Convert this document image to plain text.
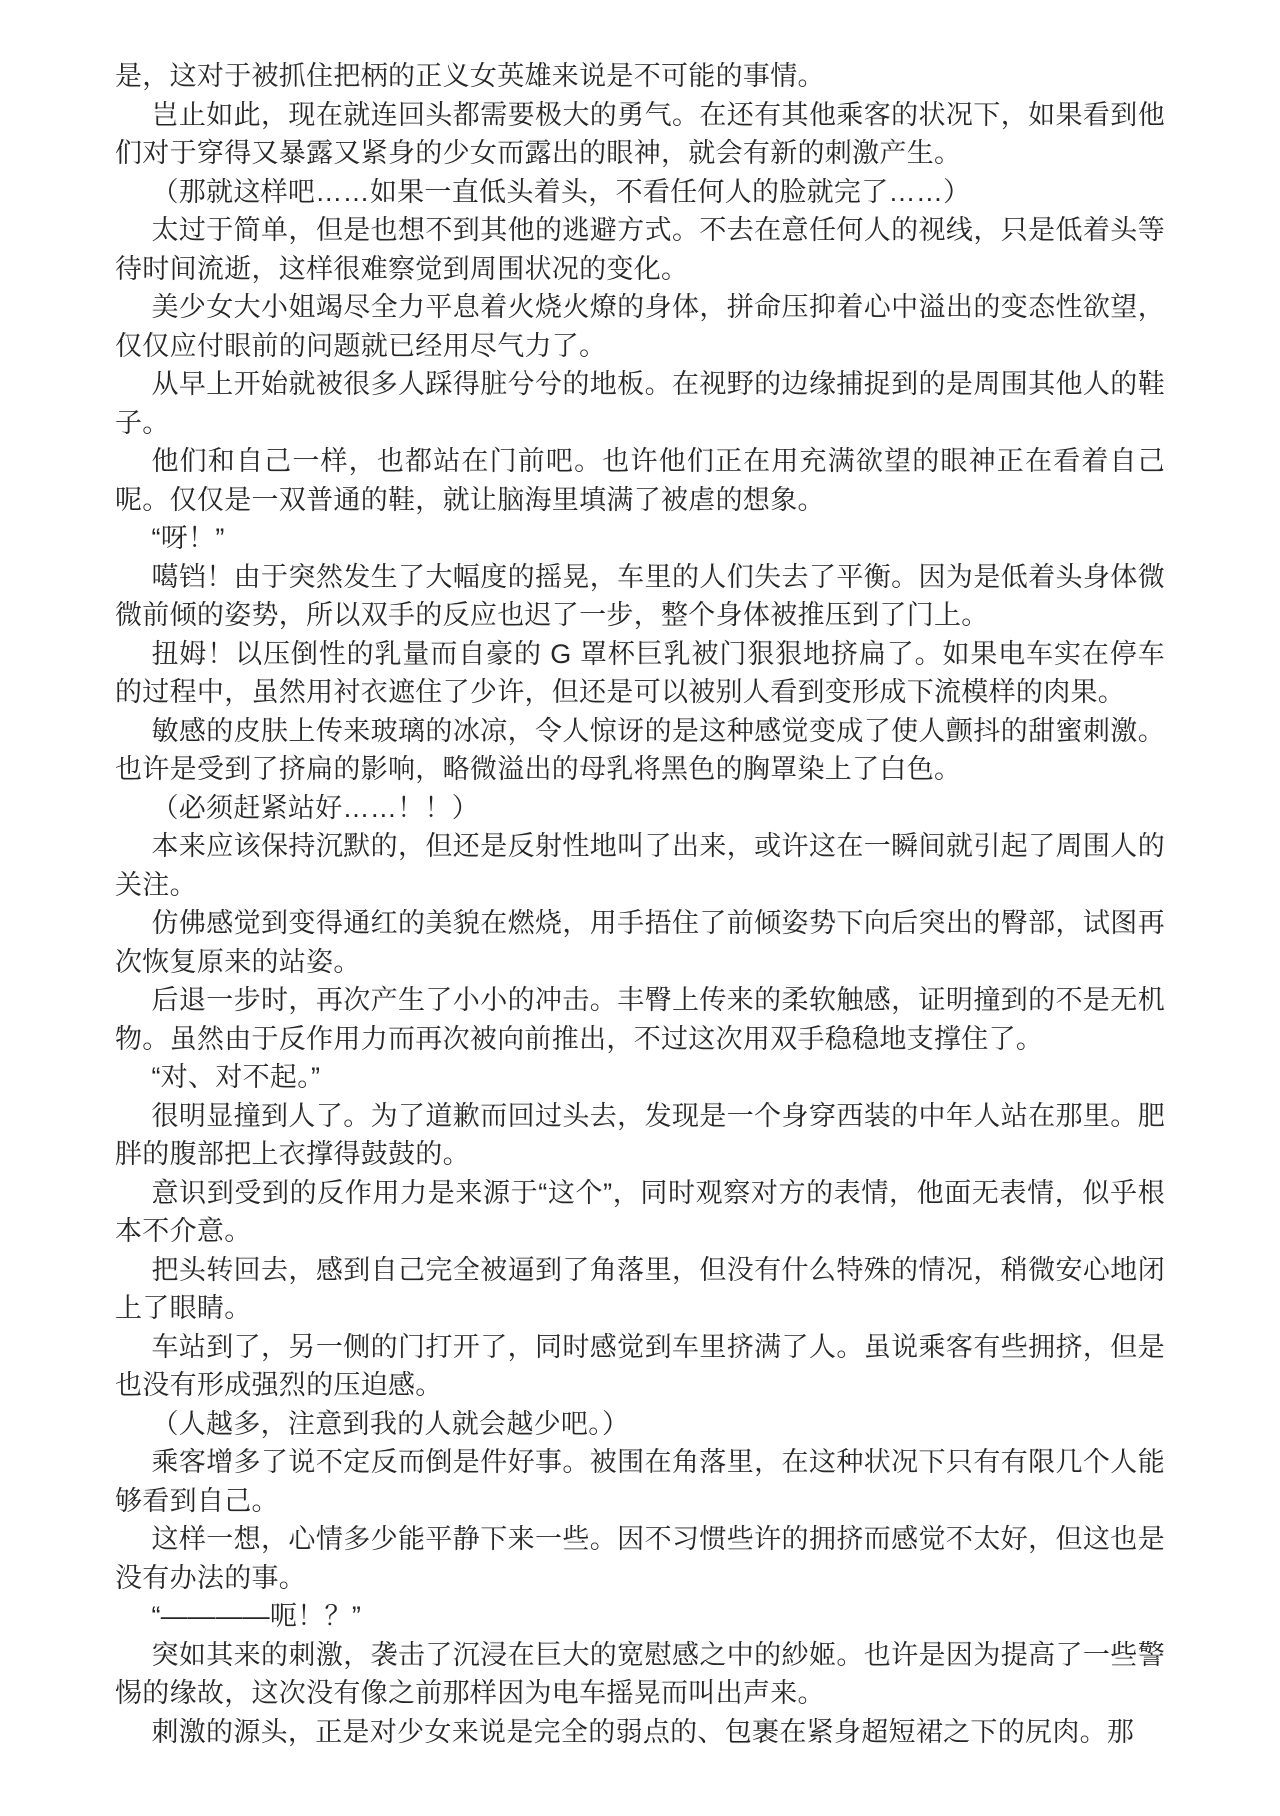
是，这对于被抓住把柄的正义女英雄来说是不可能的事情。

岂止如此，现在就连回头都需要极大的勇气。在还有其他乘客的状况下，如果看到他们对于穿得又暴露又紧身的少女而露出的眼神，就会有新的刺激产生。

（那就这样吧……如果一直低头着头，不看任何人的脸就完了……）

太过于简单，但是也想不到其他的逃避方式。不去在意任何人的视线，只是低着头等待时间流逝，这样很难察觉到周围状况的变化。

美少女大小姐竭尽全力平息着火烧火燎的身体，拼命压抑着心中溢出的变态性欲望，仅仅应付眼前的问题就已经用尽气力了。

从早上开始就被很多人踩得脏兮兮的地板。在视野的边缘捕捉到的是周围其他人的鞋子。

他们和自己一样，也都站在门前吧。也许他们正在用充满欲望的眼神正在看着自己呢。仅仅是一双普通的鞋，就让脑海里填满了被虐的想象。

“呀！”

噶铛！由于突然发生了大幅度的摇晃，车里的人们失去了平衡。因为是低着头身体微微前倾的姿势，所以双手的反应也迟了一步，整个身体被推压到了门上。

扭姆！以压倒性的乳量而自豪的 G 罩杯巨乳被门狠狠地挤扁了。如果电车实在停车的过程中，虽然用衬衣遮住了少许，但还是可以被别人看到变形成下流模样的肉果。

敏感的皮肤上传来玻璃的冰凉，令人惊讶的是这种感觉变成了使人颤抖的甜蜜刺激。也许是受到了挤扁的影响，略微溢出的母乳将黑色的胸罩染上了白色。

（必须赶紧站好……！！）

本来应该保持沉默的，但还是反射性地叫了出来，或许这在一瞬间就引起了周围人的关注。

仿佛感觉到变得通红的美貌在燃烧，用手捂住了前倾姿势下向后突出的臀部，试图再次恢复原来的站姿。

后退一步时，再次产生了小小的冲击。丰臀上传来的柔软触感，证明撞到的不是无机物。虽然由于反作用力而再次被向前推出，不过这次用双手稳稳地支撑住了。

“对、对不起。”

很明显撞到人了。为了道歉而回过头去，发现是一个身穿西装的中年人站在那里。肥胖的腹部把上衣撑得鼓鼓的。

意识到受到的反作用力是来源于“这个”，同时观察对方的表情，他面无表情，似乎根本不介意。

把头转回去，感到自己完全被逼到了角落里，但没有什么特殊的情况，稍微安心地闭上了眼睛。

车站到了，另一侧的门打开了，同时感觉到车里挤满了人。虽说乘客有些拥挤，但是也没有形成强烈的压迫感。

（人越多，注意到我的人就会越少吧。）

乘客增多了说不定反而倒是件好事。被围在角落里，在这种状况下只有有限几个人能够看到自己。

这样一想，心情多少能平静下来一些。因不习惯些许的拥挤而感觉不太好，但这也是没有办法的事。

“————呃！？”

突如其来的刺激，袭击了沉浸在巨大的宽慰感之中的紗姬。也许是因为提高了一些警惕的缘故，这次没有像之前那样因为电车摇晃而叫出声来。

刺激的源头，正是对少女来说是完全的弱点的、包裹在紧身超短裙之下的尻肉。那
